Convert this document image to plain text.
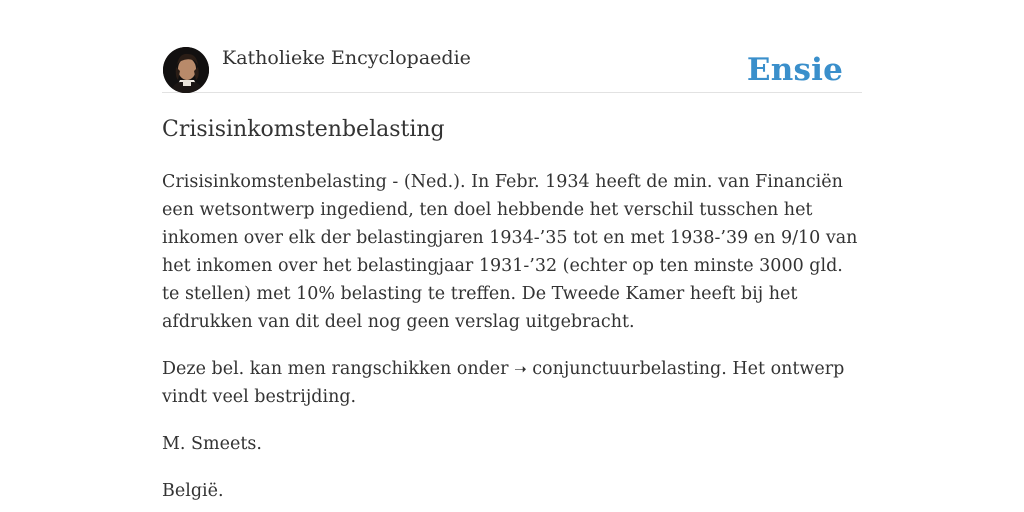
Katholieke Encyclopaedie	Ensie
Crisisinkomstenbelasting

Crisisinkomstenbelasting - (Ned.). In Febr. 1934 heeft de min. van Financiën een wetsontwerp ingediend, ten doel hebbende het verschil tusschen het inkomen over elk der belastingjaren 1934-’35 tot en met 1938-’39 en 9/10 van het inkomen over het belastingjaar 1931-’32 (echter op ten minste 3000 gld. te stellen) met 10% belasting te treffen. De Tweede Kamer heeft bij het afdrukken van dit deel nog geen verslag uitgebracht.

Deze bel. kan men rangschikken onder ➝ conjunctuurbelasting. Het ontwerp vindt veel bestrijding.

M. Smeets.

België.
